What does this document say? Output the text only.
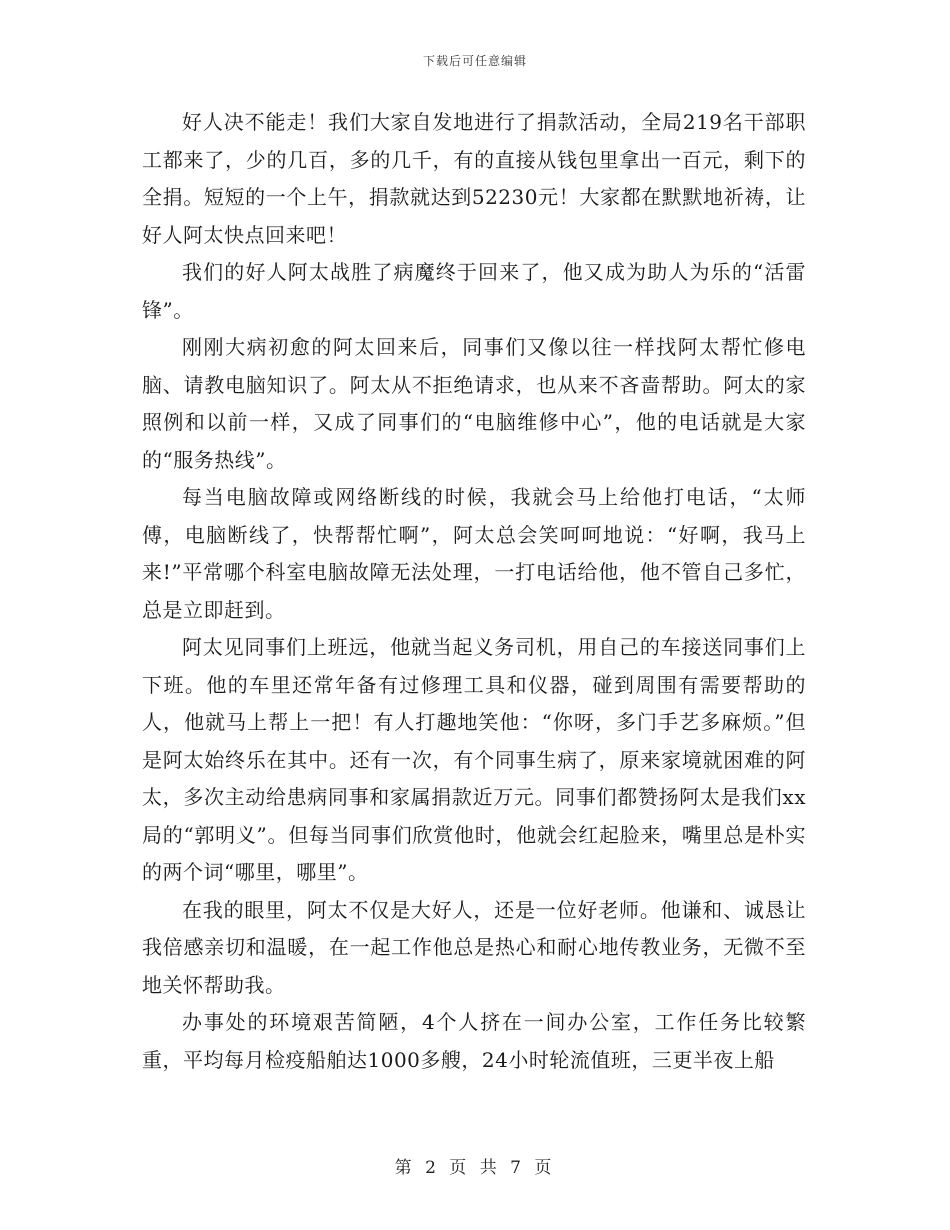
下载后可任意编辑

好人决不能走！我们大家自发地进行了捐款活动，全局219名干部职工都来了，少的几百，多的几千，有的直接从钱包里拿出一百元，剩下的全捐。短短的一个上午，捐款就达到52230元！大家都在默默地祈祷，让好人阿太快点回来吧！

我们的好人阿太战胜了病魔终于回来了，他又成为助人为乐的“活雷锋”。

刚刚大病初愈的阿太回来后，同事们又像以往一样找阿太帮忙修电脑、请教电脑知识了。阿太从不拒绝请求，也从来不吝啬帮助。阿太的家照例和以前一样，又成了同事们的“电脑维修中心”，他的电话就是大家的“服务热线”。

每当电脑故障或网络断线的时候，我就会马上给他打电话，“太师傅，电脑断线了，快帮帮忙啊”，阿太总会笑呵呵地说：“好啊，我马上来!”平常哪个科室电脑故障无法处理，一打电话给他，他不管自己多忙，总是立即赶到。

阿太见同事们上班远，他就当起义务司机，用自己的车接送同事们上下班。他的车里还常年备有过修理工具和仪器，碰到周围有需要帮助的人，他就马上帮上一把！有人打趣地笑他：“你呀，多门手艺多麻烦。”但是阿太始终乐在其中。还有一次，有个同事生病了，原来家境就困难的阿太，多次主动给患病同事和家属捐款近万元。同事们都赞扬阿太是我们xx局的“郭明义”。但每当同事们欣赏他时，他就会红起脸来，嘴里总是朴实的两个词“哪里，哪里”。

在我的眼里，阿太不仅是大好人，还是一位好老师。他谦和、诚恳让我倍感亲切和温暖，在一起工作他总是热心和耐心地传教业务，无微不至地关怀帮助我。

办事处的环境艰苦简陋，4个人挤在一间办公室，工作任务比较繁重，平均每月检疫船舶达1000多艘，24小时轮流值班，三更半夜上船

第 2 页 共 7 页
